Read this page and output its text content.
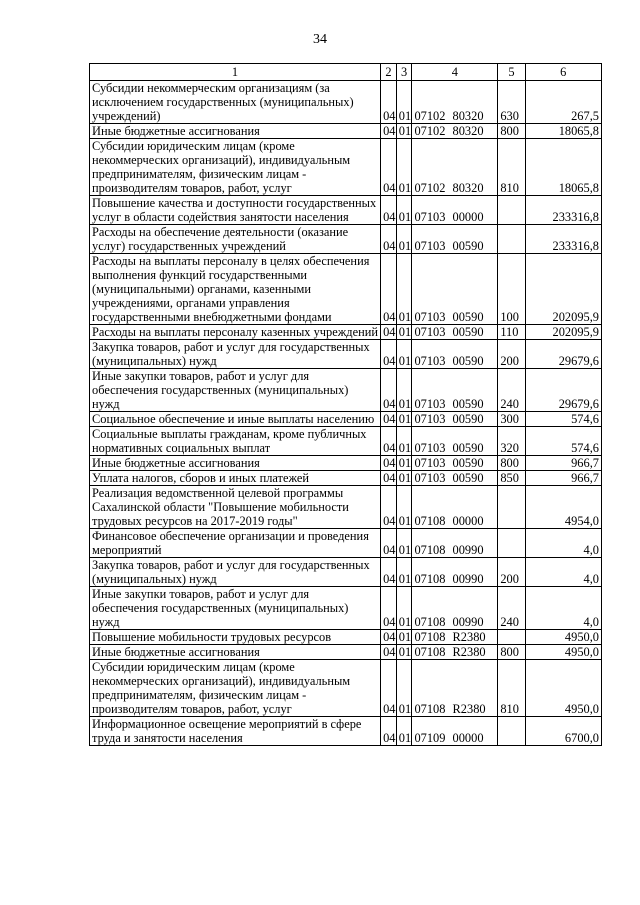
34
1	2	3	4	5	6
Субсидии некоммерческим организациям (за исключением государственных (муниципальных) учреждений)	04	01	07102 80320	630	267,5
Иные бюджетные ассигнования	04	01	07102 80320	800	18065,8
Субсидии юридическим лицам (кроме некоммерческих организаций), индивидуальным предпринимателям, физическим лицам - производителям товаров, работ, услуг	04	01	07102 80320	810	18065,8
Повышение качества и доступности государственных услуг в области содействия занятости населения	04	01	07103 00000		233316,8
Расходы на обеспечение деятельности (оказание услуг) государственных учреждений	04	01	07103 00590		233316,8
Расходы на выплаты персоналу в целях обеспечения выполнения функций государственными (муниципальными) органами, казенными учреждениями, органами управления государственными внебюджетными фондами	04	01	07103 00590	100	202095,9
Расходы на выплаты персоналу казенных учреждений	04	01	07103 00590	110	202095,9
Закупка товаров, работ и услуг для государственных (муниципальных) нужд	04	01	07103 00590	200	29679,6
Иные закупки товаров, работ и услуг для обеспечения государственных (муниципальных) нужд	04	01	07103 00590	240	29679,6
Социальное обеспечение и иные выплаты населению	04	01	07103 00590	300	574,6
Социальные выплаты гражданам, кроме публичных нормативных социальных выплат	04	01	07103 00590	320	574,6
Иные бюджетные ассигнования	04	01	07103 00590	800	966,7
Уплата налогов, сборов и иных платежей	04	01	07103 00590	850	966,7
Реализация ведомственной целевой программы Сахалинской области "Повышение мобильности трудовых ресурсов на 2017-2019 годы"	04	01	07108 00000		4954,0
Финансовое обеспечение организации и проведения мероприятий	04	01	07108 00990		4,0
Закупка товаров, работ и услуг для государственных (муниципальных) нужд	04	01	07108 00990	200	4,0
Иные закупки товаров, работ и услуг для обеспечения государственных (муниципальных) нужд	04	01	07108 00990	240	4,0
Повышение мобильности трудовых ресурсов	04	01	07108 R2380		4950,0
Иные бюджетные ассигнования	04	01	07108 R2380	800	4950,0
Субсидии юридическим лицам (кроме некоммерческих организаций), индивидуальным предпринимателям, физическим лицам - производителям товаров, работ, услуг	04	01	07108 R2380	810	4950,0
Информационное освещение мероприятий в сфере труда и занятости населения	04	01	07109 00000		6700,0
